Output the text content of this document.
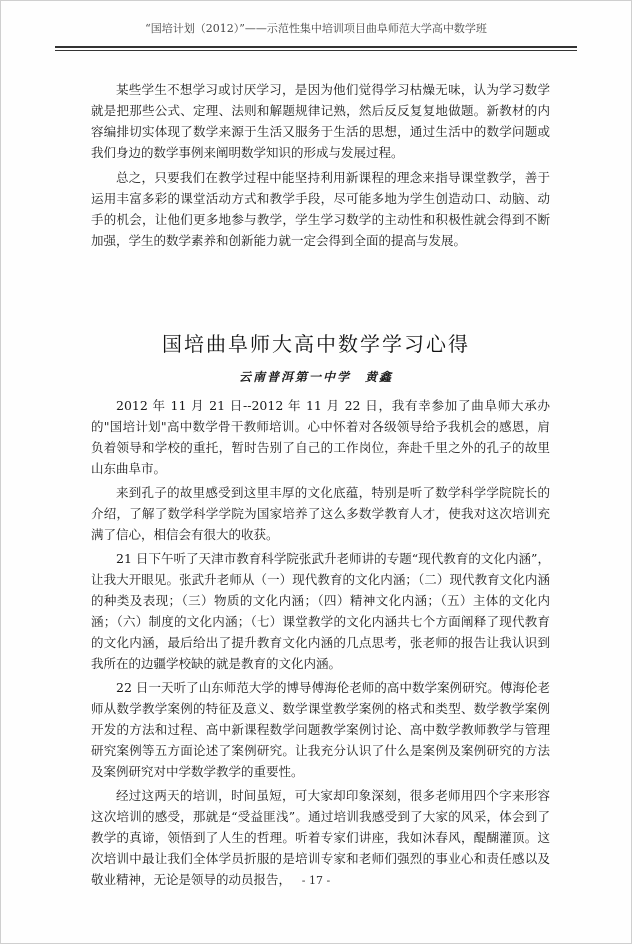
“国培计划（2012）”——示范性集中培训项目曲阜师范大学高中数学班

某些学生不想学习或讨厌学习，是因为他们觉得学习枯燥无味，认为学习数学就是把那些公式、定理、法则和解题规律记熟，然后反反复复地做题。新教材的内容编排切实体现了数学来源于生活又服务于生活的思想，通过生活中的数学问题或我们身边的数学事例来阐明数学知识的形成与发展过程。

总之，只要我们在教学过程中能坚持利用新课程的理念来指导课堂教学，善于运用丰富多彩的课堂活动方式和教学手段，尽可能多地为学生创造动口、动脑、动手的机会，让他们更多地参与教学，学生学习数学的主动性和积极性就会得到不断加强，学生的数学素养和创新能力就一定会得到全面的提高与发展。

国培曲阜师大高中数学学习心得
云南普洱第一中学　黄鑫

2012 年 11 月 21 日--2012 年 11 月 22 日，我有幸参加了曲阜师大承办的"国培计划"高中数学骨干教师培训。心中怀着对各级领导给予我机会的感恩，肩负着领导和学校的重托，暂时告别了自己的工作岗位，奔赴千里之外的孔子的故里山东曲阜市。

来到孔子的故里感受到这里丰厚的文化底蕴，特别是听了数学科学学院院长的介绍，了解了数学科学学院为国家培养了这么多数学教育人才，使我对这次培训充满了信心，相信会有很大的收获。

21 日下午听了天津市教育科学院张武升老师讲的专题“现代教育的文化内涵”，让我大开眼见。张武升老师从（一）现代教育的文化内涵；（二）现代教育文化内涵的种类及表现；（三）物质的文化内涵；（四）精神文化内涵；（五）主体的文化内涵；（六）制度的文化内涵；（七）课堂教学的文化内涵共七个方面阐释了现代教育的文化内涵，最后给出了提升教育文化内涵的几点思考，张老师的报告让我认识到我所在的边疆学校缺的就是教育的文化内涵。

22 日一天听了山东师范大学的博导傅海伦老师的高中数学案例研究。傅海伦老师从数学教学案例的特征及意义、数学课堂教学案例的格式和类型、数学教学案例开发的方法和过程、高中新课程数学问题教学案例讨论、高中数学教师教学与管理研究案例等五方面论述了案例研究。让我充分认识了什么是案例及案例研究的方法及案例研究对中学数学教学的重要性。

经过这两天的培训，时间虽短，可大家却印象深刻，很多老师用四个字来形容这次培训的感受，那就是“受益匪浅”。通过培训我感受到了大家的风采，体会到了教学的真谛，领悟到了人生的哲理。听着专家们讲座，我如沐春风，醍醐灌顶。这次培训中最让我们全体学员折服的是培训专家和老师们强烈的事业心和责任感以及敬业精神，无论是领导的动员报告， - 17 -
